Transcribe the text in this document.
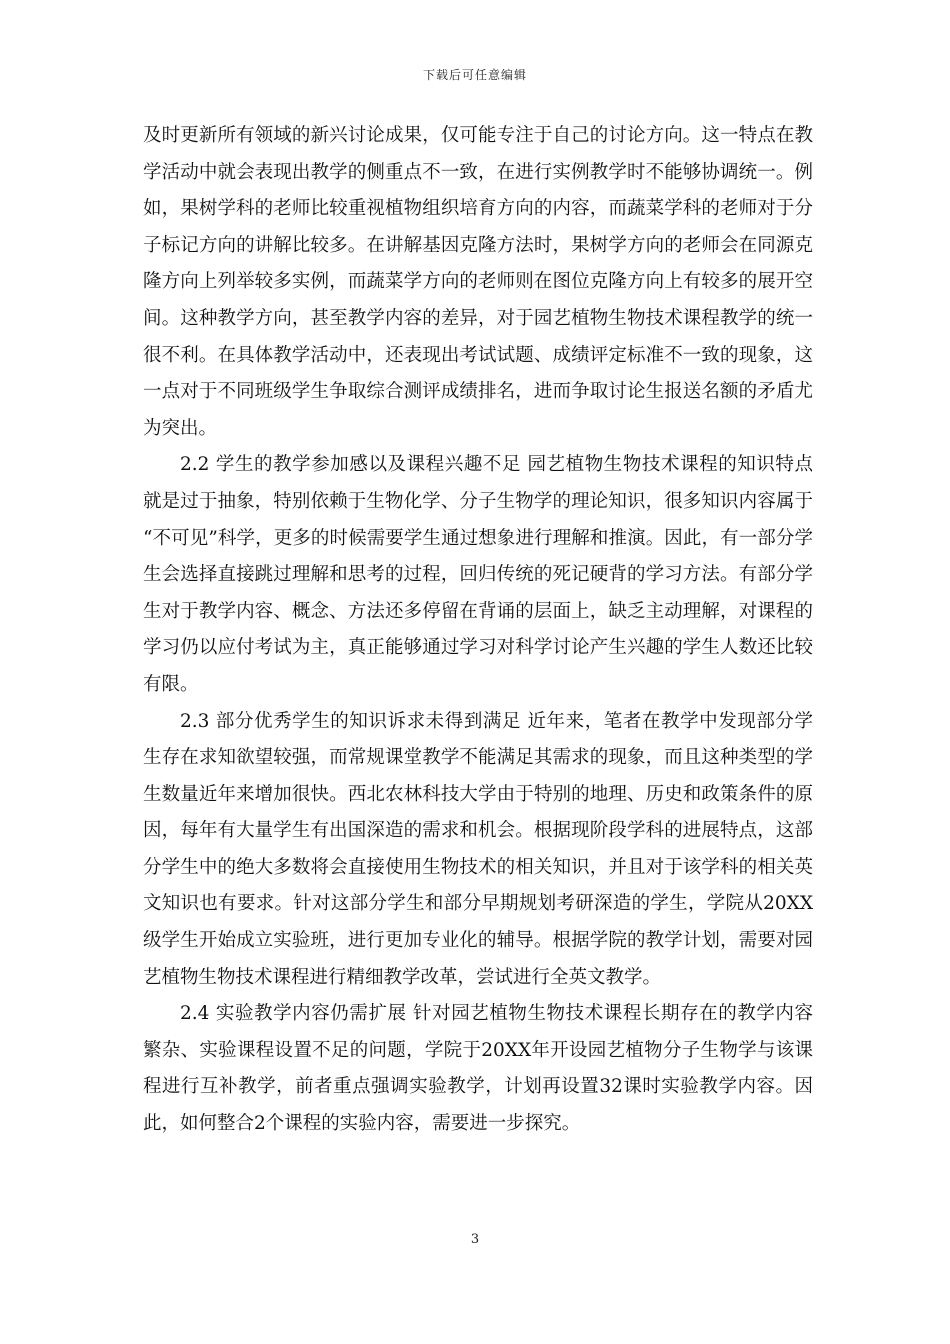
下载后可任意编辑

及时更新所有领域的新兴讨论成果，仅可能专注于自己的讨论方向。这一特点在教学活动中就会表现出教学的侧重点不一致，在进行实例教学时不能够协调统一。例如，果树学科的老师比较重视植物组织培育方向的内容，而蔬菜学科的老师对于分子标记方向的讲解比较多。在讲解基因克隆方法时，果树学方向的老师会在同源克隆方向上列举较多实例，而蔬菜学方向的老师则在图位克隆方向上有较多的展开空间。这种教学方向，甚至教学内容的差异，对于园艺植物生物技术课程教学的统一很不利。在具体教学活动中，还表现出考试试题、成绩评定标准不一致的现象，这一点对于不同班级学生争取综合测评成绩排名，进而争取讨论生报送名额的矛盾尤为突出。

2.2 学生的教学参加感以及课程兴趣不足 园艺植物生物技术课程的知识特点就是过于抽象，特别依赖于生物化学、分子生物学的理论知识，很多知识内容属于“不可见”科学，更多的时候需要学生通过想象进行理解和推演。因此，有一部分学生会选择直接跳过理解和思考的过程，回归传统的死记硬背的学习方法。有部分学生对于教学内容、概念、方法还多停留在背诵的层面上，缺乏主动理解，对课程的学习仍以应付考试为主，真正能够通过学习对科学讨论产生兴趣的学生人数还比较有限。

2.3 部分优秀学生的知识诉求未得到满足 近年来，笔者在教学中发现部分学生存在求知欲望较强，而常规课堂教学不能满足其需求的现象，而且这种类型的学生数量近年来增加很快。西北农林科技大学由于特别的地理、历史和政策条件的原因，每年有大量学生有出国深造的需求和机会。根据现阶段学科的进展特点，这部分学生中的绝大多数将会直接使用生物技术的相关知识，并且对于该学科的相关英文知识也有要求。针对这部分学生和部分早期规划考研深造的学生，学院从20XX级学生开始成立实验班，进行更加专业化的辅导。根据学院的教学计划，需要对园艺植物生物技术课程进行精细教学改革，尝试进行全英文教学。

2.4 实验教学内容仍需扩展 针对园艺植物生物技术课程长期存在的教学内容繁杂、实验课程设置不足的问题，学院于20XX年开设园艺植物分子生物学与该课程进行互补教学，前者重点强调实验教学，计划再设置32课时实验教学内容。因此，如何整合2个课程的实验内容，需要进一步探究。

3
